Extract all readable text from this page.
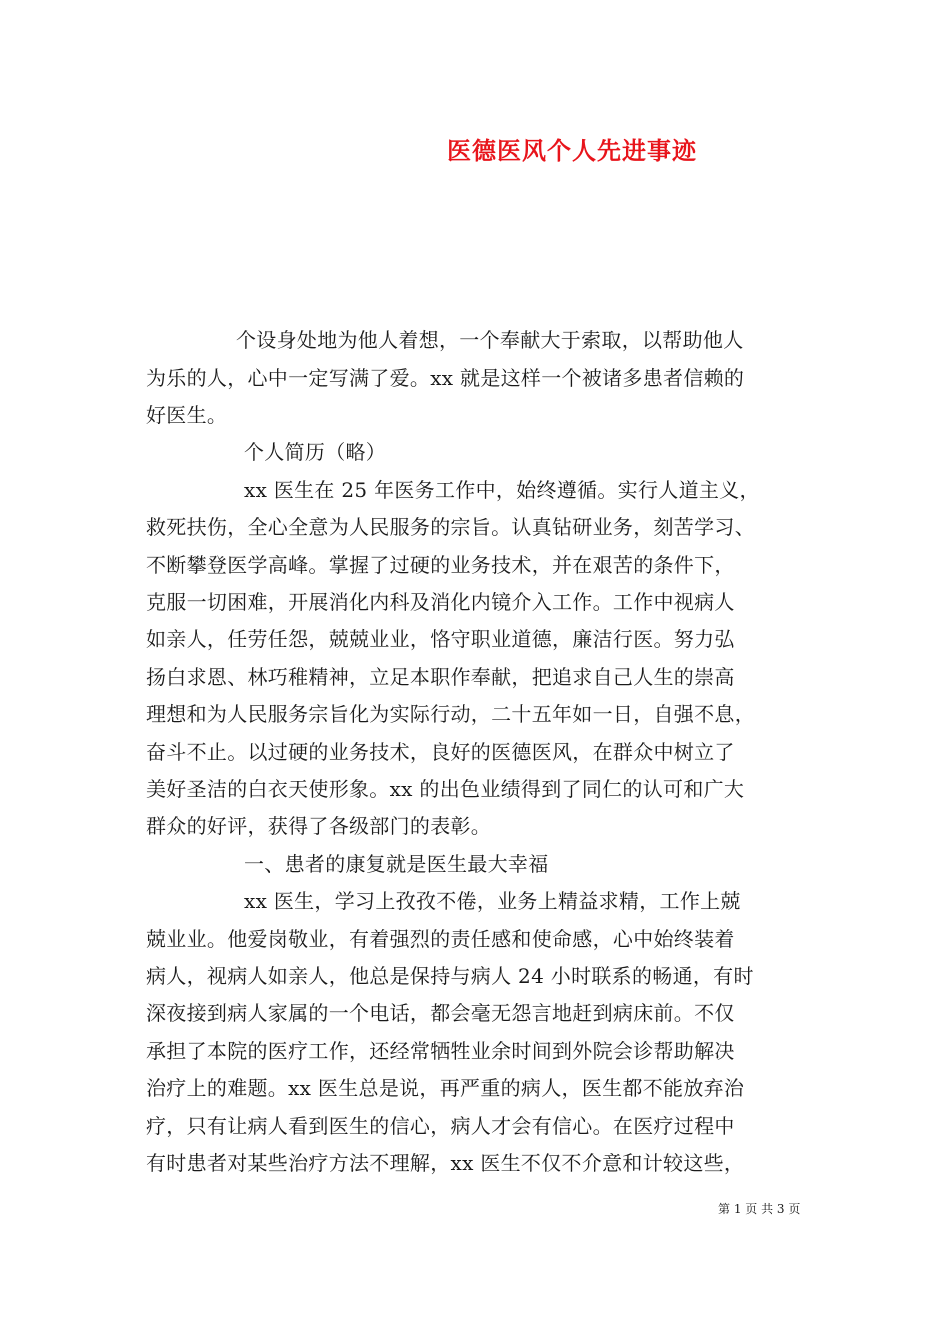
医德医风个人先进事迹
个设身处地为他人着想，一个奉献大于索取，以帮助他人
为乐的人，心中一定写满了爱。xx 就是这样一个被诸多患者信赖的
好医生。
个人简历（略）
xx 医生在 25 年医务工作中，始终遵循。实行人道主义，
救死扶伤，全心全意为人民服务的宗旨。认真钻研业务，刻苦学习、
不断攀登医学高峰。掌握了过硬的业务技术，并在艰苦的条件下，
克服一切困难，开展消化内科及消化内镜介入工作。工作中视病人
如亲人，任劳任怨，兢兢业业，恪守职业道德，廉洁行医。努力弘
扬白求恩、林巧稚精神，立足本职作奉献，把追求自己人生的崇高
理想和为人民服务宗旨化为实际行动，二十五年如一日，自强不息，
奋斗不止。以过硬的业务技术，良好的医德医风，在群众中树立了
美好圣洁的白衣天使形象。xx 的出色业绩得到了同仁的认可和广大
群众的好评，获得了各级部门的表彰。
一、患者的康复就是医生最大幸福
xx 医生，学习上孜孜不倦，业务上精益求精，工作上兢
兢业业。他爱岗敬业，有着强烈的责任感和使命感，心中始终装着
病人，视病人如亲人，他总是保持与病人 24 小时联系的畅通，有时
深夜接到病人家属的一个电话，都会毫无怨言地赶到病床前。不仅
承担了本院的医疗工作，还经常牺牲业余时间到外院会诊帮助解决
治疗上的难题。xx 医生总是说，再严重的病人，医生都不能放弃治
疗，只有让病人看到医生的信心，病人才会有信心。在医疗过程中
有时患者对某些治疗方法不理解，xx 医生不仅不介意和计较这些，
第 1 页 共 3 页
